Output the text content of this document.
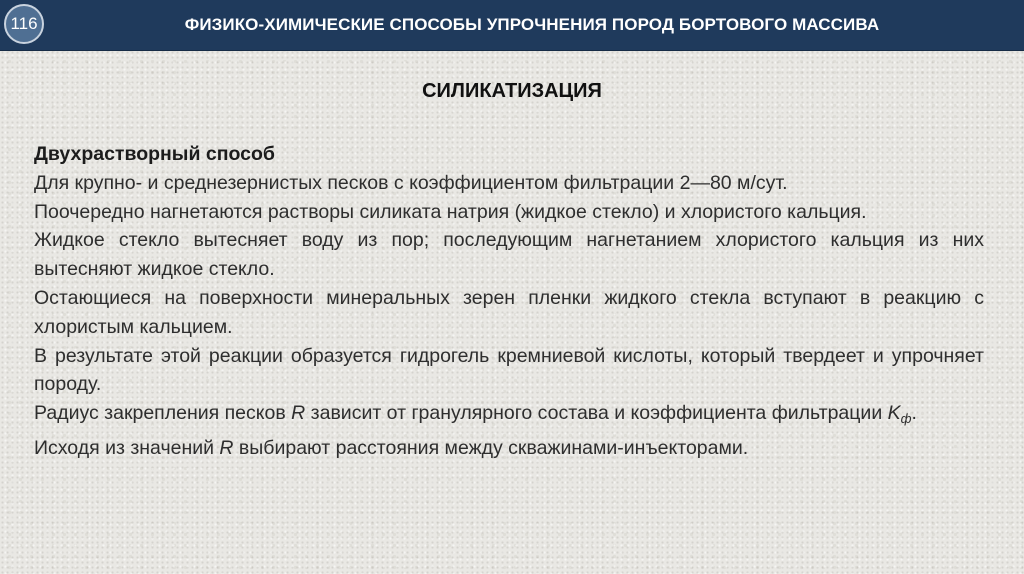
116	ФИЗИКО-ХИМИЧЕСКИЕ СПОСОБЫ УПРОЧНЕНИЯ ПОРОД БОРТОВОГО МАССИВА
СИЛИКАТИЗАЦИЯ
Двухрастворный способ
Для крупно- и среднезернистых песков с коэффициентом фильтрации 2—80 м/сут.
Поочередно нагнетаются растворы силиката натрия (жидкое стекло) и хлористого кальция.
Жидкое стекло вытесняет воду из пор; последующим нагнетанием хлористого кальция из них вытесняют жидкое стекло.
Остающиеся на поверхности минеральных зерен пленки жидкого стекла вступают в реакцию с хлористым кальцием.
В результате этой реакции образуется гидрогель кремниевой кислоты, который твердеет и упрочняет породу.
Радиус закрепления песков R зависит от гранулярного состава и коэффициента фильтрации $K_ф$.
Исходя из значений R выбирают расстояния между скважинами-инъекторами.
